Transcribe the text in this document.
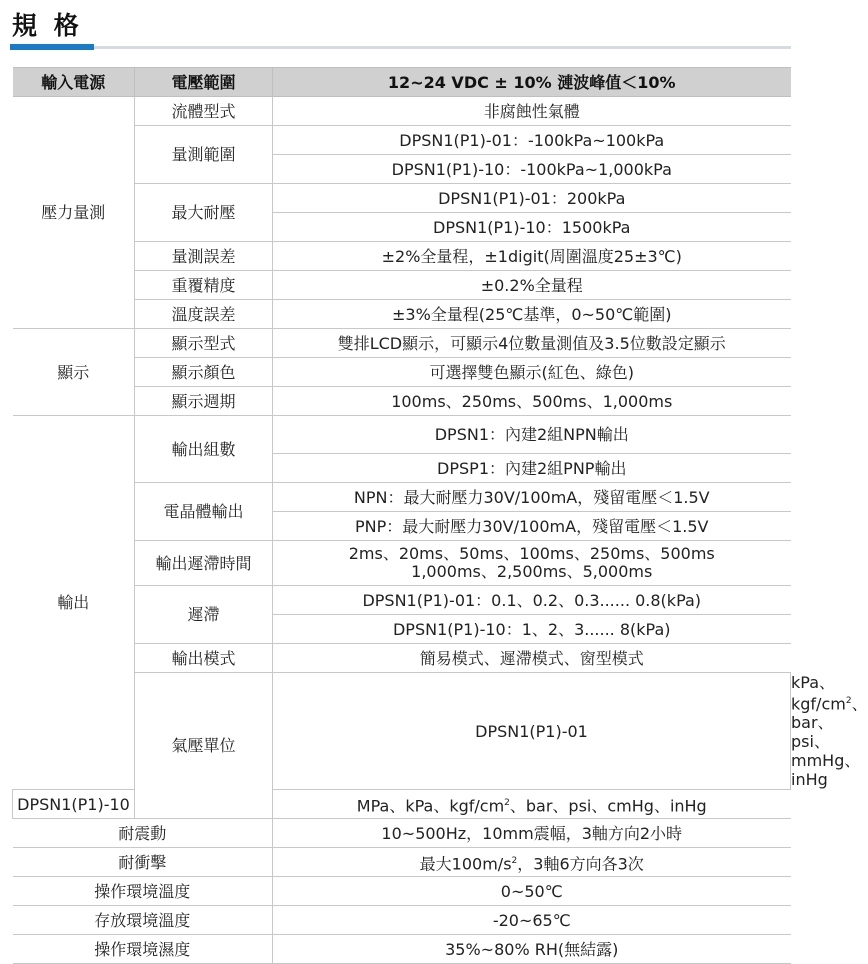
規 格
輸入電源	電壓範圍	12~24 VDC ± 10% 漣波峰值＜10%	
壓力量測	流體型式	非腐蝕性氣體	
	量測範圍	DPSN1(P1)-01：-100kPa~100kPa	
		DPSN1(P1)-10：-100kPa~1,000kPa	
	最大耐壓	DPSN1(P1)-01：200kPa	
		DPSN1(P1)-10：1500kPa	
	量測誤差	±2%全量程，±1digit(周圍溫度25±3℃)	
	重覆精度	±0.2%全量程	
	溫度誤差	±3%全量程(25℃基準，0~50℃範圍)	
顯示	顯示型式	雙排LCD顯示，可顯示4位數量測值及3.5位數設定顯示	
	顯示顏色	可選擇雙色顯示(紅色、綠色)	
	顯示週期	100ms、250ms、500ms、1,000ms	
輸出	輸出組數	DPSN1：內建2組NPN輸出	
		DPSP1：內建2組PNP輸出	
	電晶體輸出	NPN：最大耐壓力30V/100mA，殘留電壓＜1.5V	
		PNP：最大耐壓力30V/100mA，殘留電壓＜1.5V	
	輸出遲滯時間	2ms、20ms、50ms、100ms、250ms、500ms
1,000ms、2,500ms、5,000ms	

	遲滯	DPSN1(P1)-01：0.1、0.2、0.3...... 0.8(kPa)	
		DPSN1(P1)-10：1、2、3...... 8(kPa)	
	輸出模式	簡易模式、遲滯模式、窗型模式	
	氣壓單位	DPSN1(P1)-01	kPa、kgf/$cm^2$、bar、psi、mmHg、inHg
DPSN1(P1)-10		MPa、kPa、kgf/$cm^2$、bar、psi、cmHg、inHg	
耐震動		10~500Hz，10mm震幅，3軸方向2小時	
耐衝擊		最大$100m/s^2$，3軸6方向各3次	
操作環境溫度		0~50℃	
存放環境溫度		-20~65℃	
操作環境濕度		35%~80% RH(無結露)	
